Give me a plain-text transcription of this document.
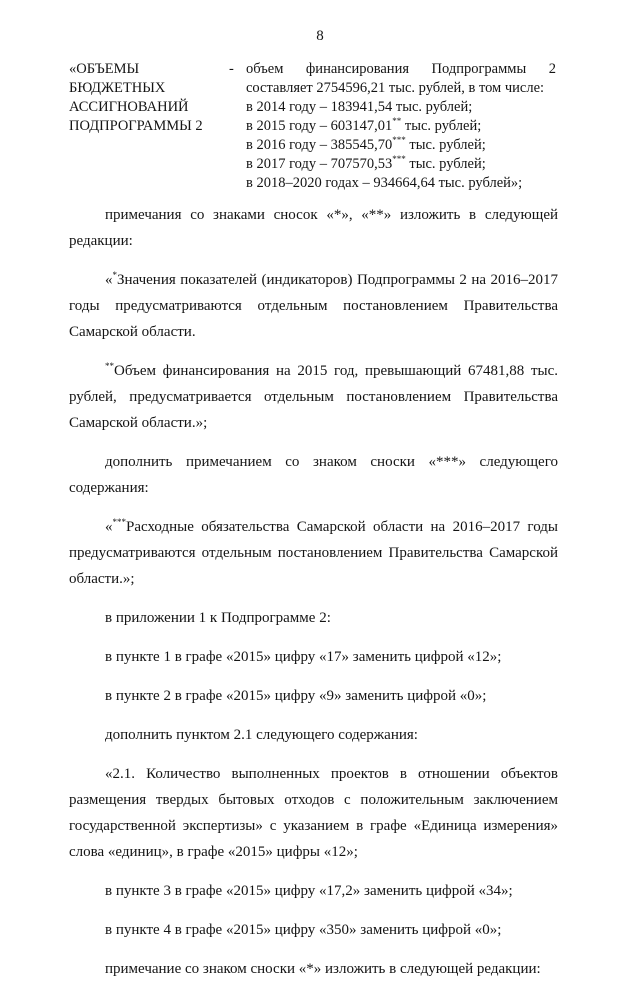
8
«ОБЪЕМЫ
БЮДЖЕТНЫХ
АССИГНОВАНИЙ
ПОДПРОГРАММЫ 2
- объем финансирования Подпрограммы 2
составляет 2754596,21 тыс. рублей, в том числе:
в 2014 году – 183941,54 тыс. рублей;
в 2015 году – 603147,01** тыс. рублей;
в 2016 году – 385545,70*** тыс. рублей;
в 2017 году – 707570,53*** тыс. рублей;
в 2018–2020 годах – 934664,64 тыс. рублей»;

примечания со знаками сносок «*», «**» изложить в следующей редакции:

«*Значения показателей (индикаторов) Подпрограммы 2 на 2016–2017 годы предусматриваются отдельным постановлением Правительства Самарской области.

**Объем финансирования на 2015 год, превышающий 67481,88 тыс. рублей, предусматривается отдельным постановлением Правительства Самарской области.»;

дополнить примечанием со знаком сноски «***» следующего содержания:

«***Расходные обязательства Самарской области на 2016–2017 годы предусматриваются отдельным постановлением Правительства Самарской области.»;

в приложении 1 к Подпрограмме 2:

в пункте 1 в графе «2015» цифру «17» заменить цифрой «12»;

в пункте 2 в графе «2015» цифру «9» заменить цифрой «0»;

дополнить пунктом 2.1 следующего содержания:

«2.1. Количество выполненных проектов в отношении объектов размещения твердых бытовых отходов с положительным заключением государственной экспертизы» с указанием в графе «Единица измерения» слова «единиц», в графе «2015» цифры «12»;

в пункте 3 в графе «2015» цифру «17,2» заменить цифрой «34»;

в пункте 4 в графе «2015» цифру «350» заменить цифрой «0»;

примечание со знаком сноски «*» изложить в следующей редакции:
